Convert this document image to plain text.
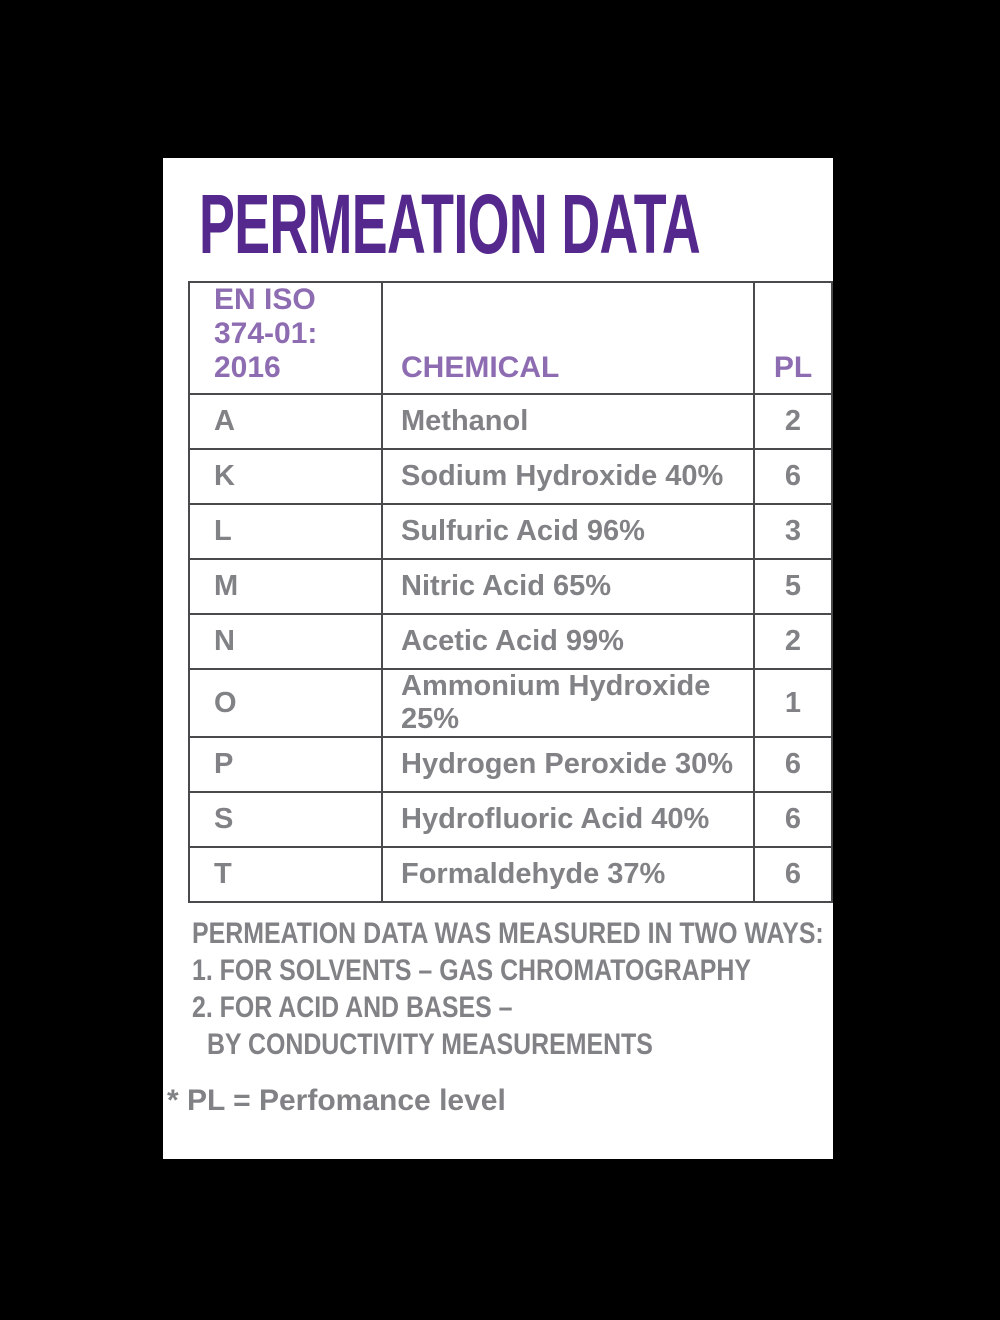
PERMEATION DATA
EN ISO
374-01: 2016	CHEMICAL	PL
A	Methanol	2
K	Sodium Hydroxide 40%	6
L	Sulfuric Acid 96%	3
M	Nitric Acid 65%	5
N	Acetic Acid 99%	2
O	Ammonium Hydroxide 25%	1
P	Hydrogen Peroxide 30%	6
S	Hydrofluoric Acid 40%	6
T	Formaldehyde 37%	6
PERMEATION DATA WAS MEASURED IN TWO WAYS:
1. FOR SOLVENTS – GAS CHROMATOGRAPHY
2. FOR ACID AND BASES –
BY CONDUCTIVITY MEASUREMENTS
* PL = Perfomance level
